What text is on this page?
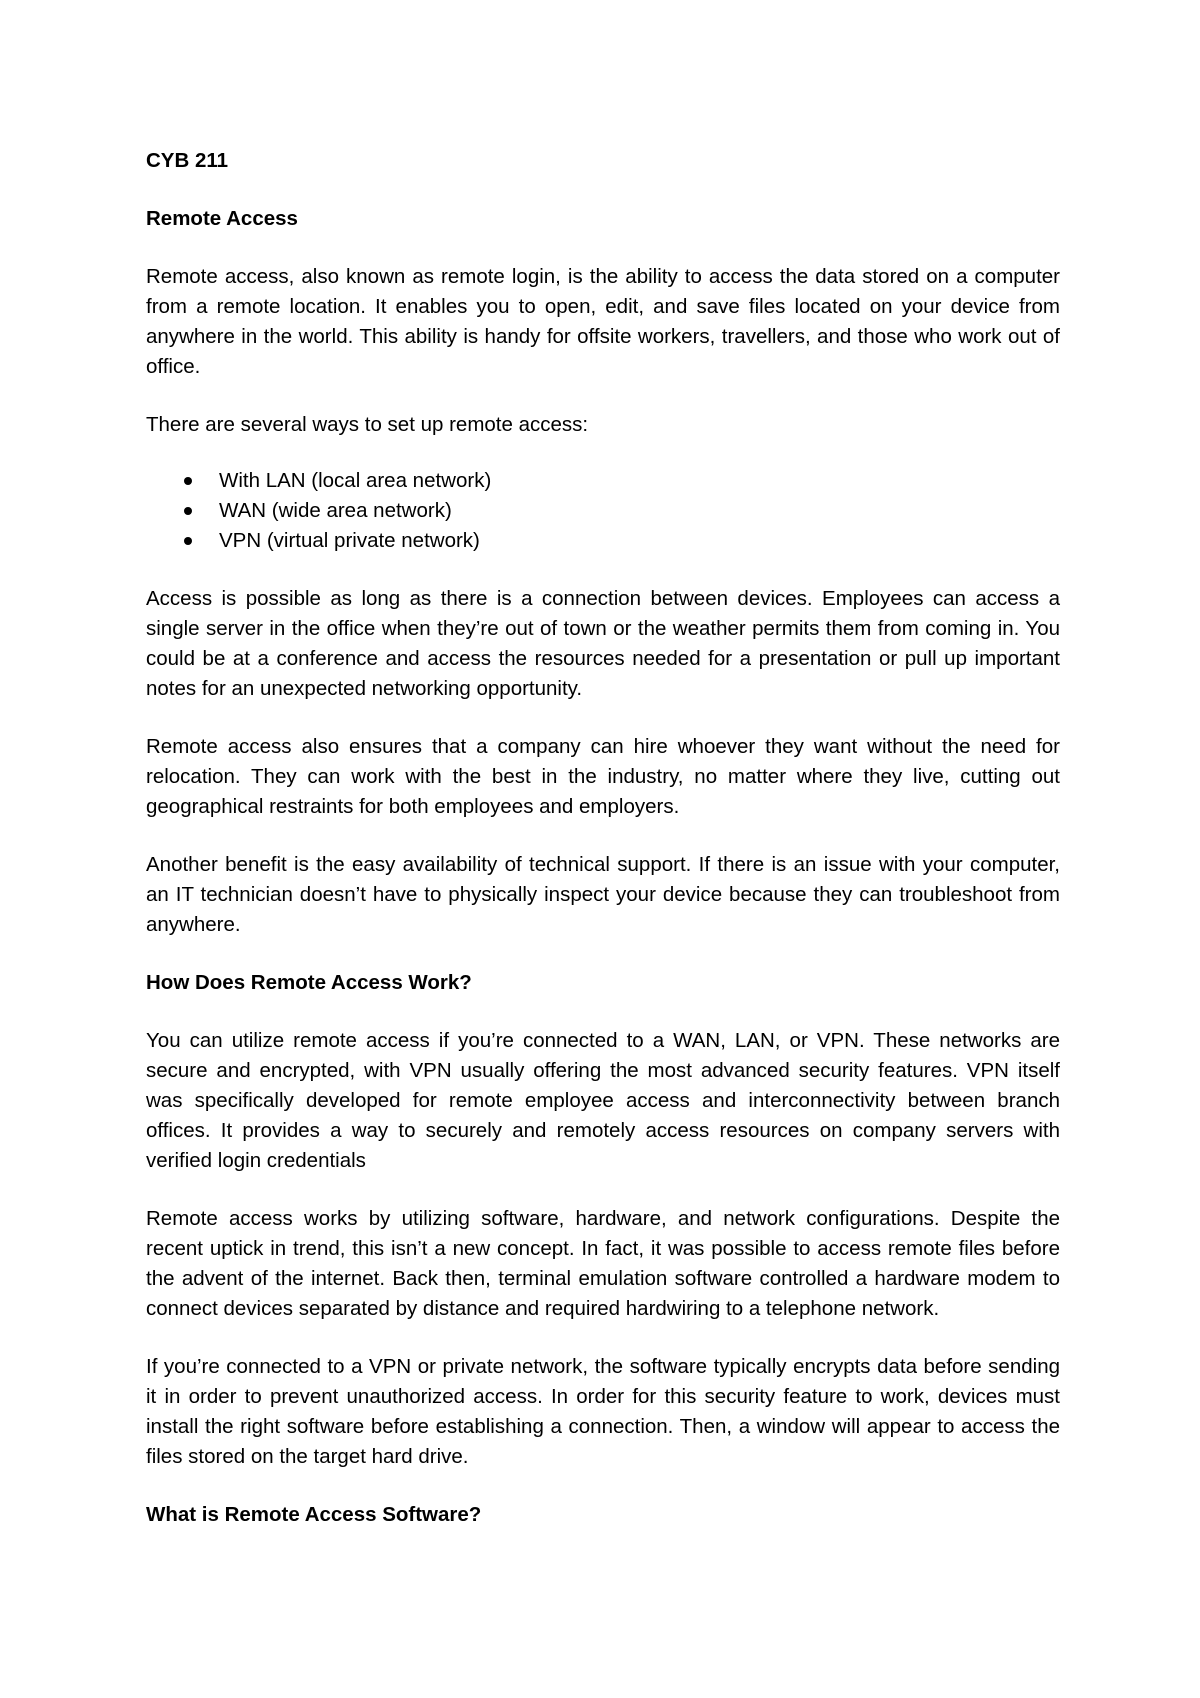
CYB 211

Remote Access

Remote access, also known as remote login, is the ability to access the data stored on a computer from a remote location. It enables you to open, edit, and save files located on your device from anywhere in the world. This ability is handy for offsite workers, travellers, and those who work out of office.

There are several ways to set up remote access:

With LAN (local area network)
WAN (wide area network)
VPN (virtual private network)

Access is possible as long as there is a connection between devices. Employees can access a single server in the office when they’re out of town or the weather permits them from coming in. You could be at a conference and access the resources needed for a presentation or pull up important notes for an unexpected networking opportunity.

Remote access also ensures that a company can hire whoever they want without the need for relocation. They can work with the best in the industry, no matter where they live, cutting out geographical restraints for both employees and employers.

Another benefit is the easy availability of technical support. If there is an issue with your computer, an IT technician doesn’t have to physically inspect your device because they can troubleshoot from anywhere.

How Does Remote Access Work?

You can utilize remote access if you’re connected to a WAN, LAN, or VPN. These networks are secure and encrypted, with VPN usually offering the most advanced security features. VPN itself was specifically developed for remote employee access and interconnectivity between branch offices. It provides a way to securely and remotely access resources on company servers with verified login credentials

Remote access works by utilizing software, hardware, and network configurations. Despite the recent uptick in trend, this isn’t a new concept. In fact, it was possible to access remote files before the advent of the internet. Back then, terminal emulation software controlled a hardware modem to connect devices separated by distance and required hardwiring to a telephone network.

If you’re connected to a VPN or private network, the software typically encrypts data before sending it in order to prevent unauthorized access. In order for this security feature to work, devices must install the right software before establishing a connection. Then, a window will appear to access the files stored on the target hard drive.

What is Remote Access Software?
